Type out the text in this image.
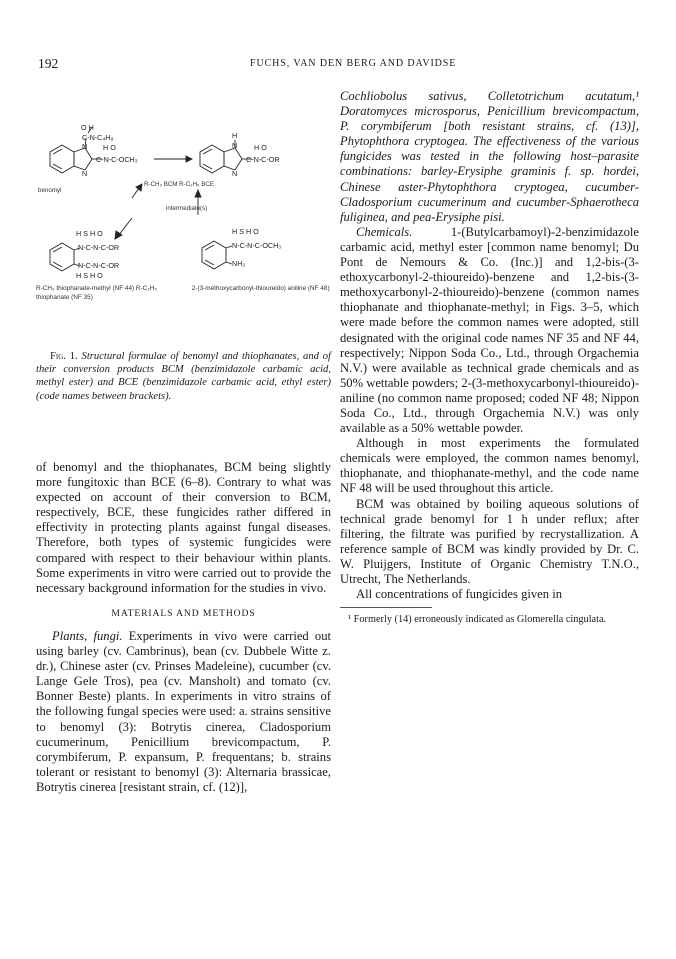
192	FUCHS, VAN DEN BERG AND DAVIDSE
O H
C-N-C₄H₉
N H O
C-N-C-OCH₃
N
H
N H O
C-N-C-OR
N
H S H O
N-C-N-C-OR
N-C-N-C-OR
H S H O
H S H O
N-C-N-C-OCH₃
NH₂
benomyl
R-CH₃ BCM R-C₂H₅ BCE
intermediate(s)
R-CH₃ thiophanate-methyl (NF 44) R-C₂H₅ thiophanate (NF 35) 2-(3-methoxycarbonyl-thioureido) aniline (NF 48)

Fig. 1. Structural formulae of benomyl and thiophanates, and of their conversion products BCM (benzimidazole carbamic acid, methyl ester) and BCE (benzimidazole carbamic acid, ethyl ester) (code names between brackets).

of benomyl and the thiophanates, BCM being slightly more fungitoxic than BCE (6–8). Contrary to what was expected on account of their conversion to BCM, respectively, BCE, these fungicides rather differed in effectivity in protecting plants against fungal diseases. Therefore, both types of systemic fungicides were compared with respect to their behaviour within plants. Some experiments in vitro were carried out to provide the necessary background information for the studies in vivo.

MATERIALS AND METHODS

Plants, fungi. Experiments in vivo were carried out using barley (cv. Cambrinus), bean (cv. Dubbele Witte z. dr.), Chinese aster (cv. Prinses Madeleine), cucumber (cv. Lange Gele Tros), pea (cv. Mansholt) and tomato (cv. Bonner Beste) plants. In experiments in vitro strains of the following fungal species were used: a. strains sensitive to benomyl (3): Botrytis cinerea, Cladosporium cucumerinum, Penicillium brevicompactum, P. corymbiferum, P. expansum, P. frequentans; b. strains tolerant or resistant to benomyl (3): Alternaria brassicae, Botrytis cinerea [resistant strain, cf. (12)],

Cochliobolus sativus, Colletotrichum acutatum,¹ Doratomyces microsporus, Penicillium brevicompactum, P. corymbiferum [both resistant strains, cf. (13)], Phytophthora cryptogea. The effectiveness of the various fungicides was tested in the following host–parasite combinations: barley-Erysiphe graminis f. sp. hordei, Chinese aster-Phytophthora cryptogea, cucumber-Cladosporium cucumerinum and cucumber-Sphaerotheca fuliginea, and pea-Erysiphe pisi.

Chemicals. 1-(Butylcarbamoyl)-2-benzimidazole carbamic acid, methyl ester [common name benomyl; Du Pont de Nemours & Co. (Inc.)] and 1,2-bis-(3-ethoxycarbonyl-2-thioureido)-benzene and 1,2-bis-(3-methoxycarbonyl-2-thioureido)-benzene (common names thiophanate and thiophanate-methyl; in Figs. 3–5, which were made before the common names were adopted, still designated with the original code names NF 35 and NF 44, respectively; Nippon Soda Co., Ltd., through Orgachemia N.V.) were available as technical grade chemicals and as 50% wettable powders; 2-(3-methoxycarbonyl-thioureido)-aniline (no common name proposed; coded NF 48; Nippon Soda Co., Ltd., through Orgachemia N.V.) was only available as a 50% wettable powder.

Although in most experiments the formulated chemicals were employed, the common names benomyl, thiophanate, and thiophanate-methyl, and the code name NF 48 will be used throughout this article.

BCM was obtained by boiling aqueous solutions of technical grade benomyl for 1 h under reflux; after filtering, the filtrate was purified by recrystallization. A reference sample of BCM was kindly provided by Dr. C. W. Pluijgers, Institute of Organic Chemistry T.N.O., Utrecht, The Netherlands.

All concentrations of fungicides given in

¹ Formerly (14) erroneously indicated as Glomerella cingulata.
